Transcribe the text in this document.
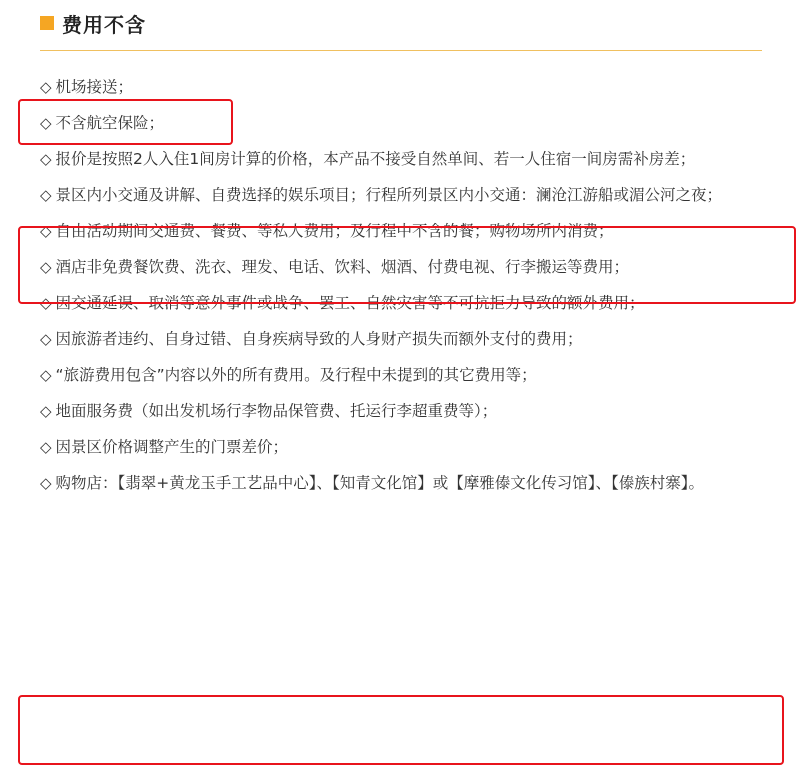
费用不含

◇ 机场接送；

◇ 不含航空保险；

◇ 报价是按照2人入住1间房计算的价格，本产品不接受自然单间、若一人住宿一间房需补房差；

◇ 景区内小交通及讲解、自费选择的娱乐项目；行程所列景区内小交通：澜沧江游船或湄公河之夜；

◇ 自由活动期间交通费、餐费、等私人费用；及行程中不含的餐；购物场所内消费；

◇ 酒店非免费餐饮费、洗衣、理发、电话、饮料、烟酒、付费电视、行李搬运等费用；

◇ 因交通延误、取消等意外事件或战争、罢工、自然灾害等不可抗拒力导致的额外费用；

◇ 因旅游者违约、自身过错、自身疾病导致的人身财产损失而额外支付的费用；

◇ “旅游费用包含”内容以外的所有费用。及行程中未提到的其它费用等；

◇ 地面服务费（如出发机场行李物品保管费、托运行李超重费等）；

◇ 因景区价格调整产生的门票差价；

◇ 购物店：【翡翠+黄龙玉手工艺品中心】、【知青文化馆】或【摩雅傣文化传习馆】、【傣族村寨】。
